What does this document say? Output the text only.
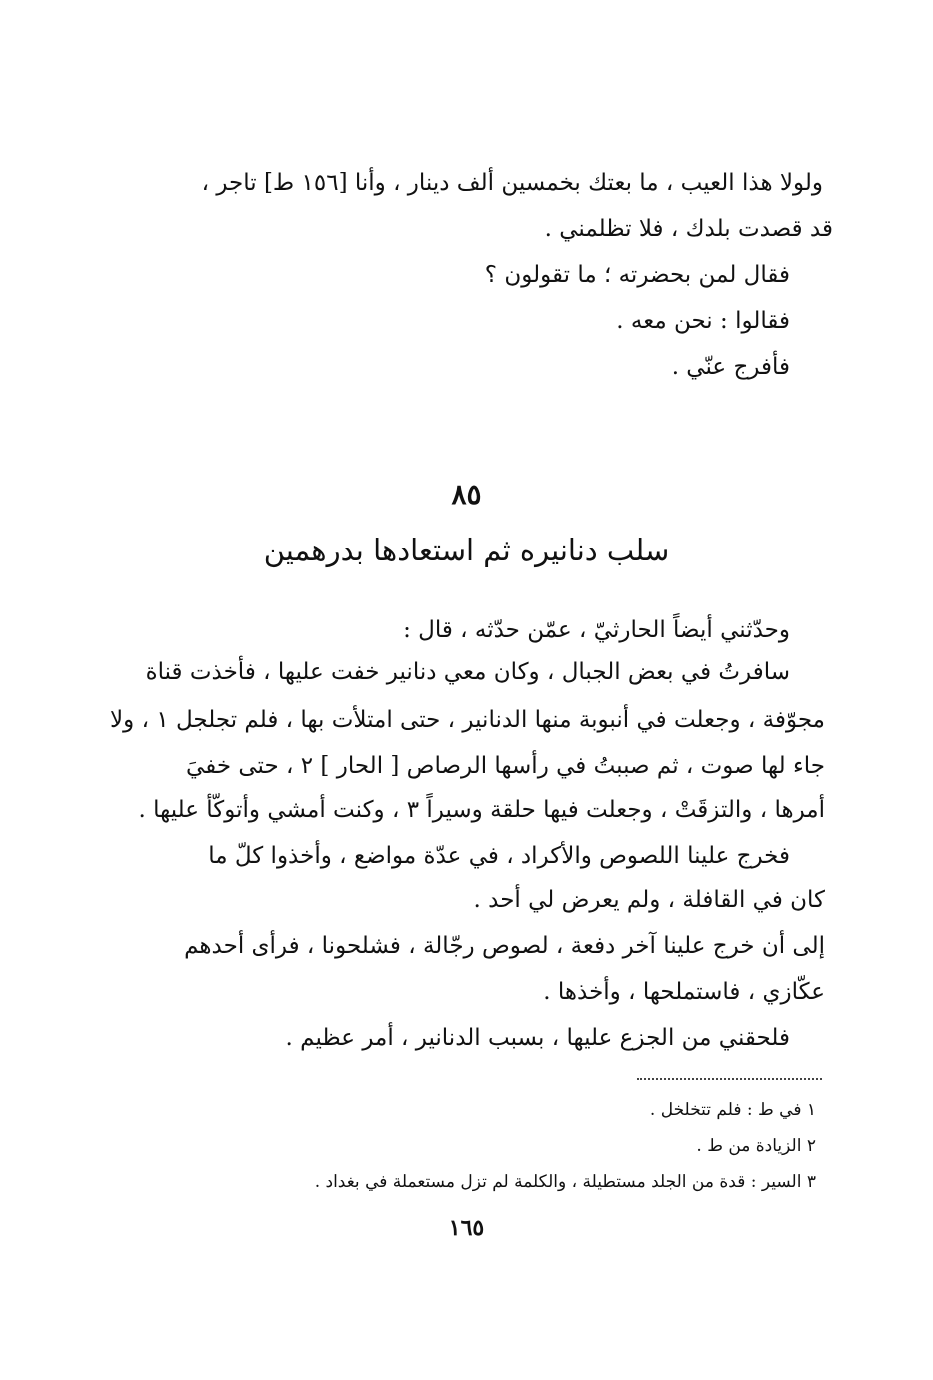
ولولا هذا العيب ، ما بعتك بخمسين ألف دينار ، وأنا [١٥٦ ط] تاجر ،

قد قصدت بلدك ، فلا تظلمني .

فقال لمن بحضرته ؛ ما تقولون ؟

فقالوا : نحن معه .

فأفرج عنّي .

٨٥
سلب دنانيره ثم استعادها بدرهمين

وحدّثني أيضاً الحارثيّ ، عمّن حدّثه ، قال :

سافرتُ في بعض الجبال ، وكان معي دنانير خفت عليها ، فأخذت قناة

مجوّفة ، وجعلت في أنبوبة منها الدنانير ، حتى امتلأت بها ، فلم تجلجل ١ ، ولا

جاء لها صوت ، ثم صببتُ في رأسها الرصاص [ الحار ] ٢ ، حتى خفيَ

أمرها ، والتزقَتْ ، وجعلت فيها حلقة وسيراً ٣ ، وكنت أمشي وأتوكّأ عليها .

فخرج علينا اللصوص والأكراد ، في عدّة مواضع ، وأخذوا كلّ ما

كان في القافلة ، ولم يعرض لي أحد .

إلى أن خرج علينا آخر دفعة ، لصوص رجّالة ، فشلحونا ، فرأى أحدهم

عكّازي ، فاستملحها ، وأخذها .

فلحقني من الجزع عليها ، بسبب الدنانير ، أمر عظيم .

١ في ط : فلم تتخلخل .
٢ الزيادة من ط .
٣ السير : قدة من الجلد مستطيلة ، والكلمة لم تزل مستعملة في بغداد .
١٦٥
